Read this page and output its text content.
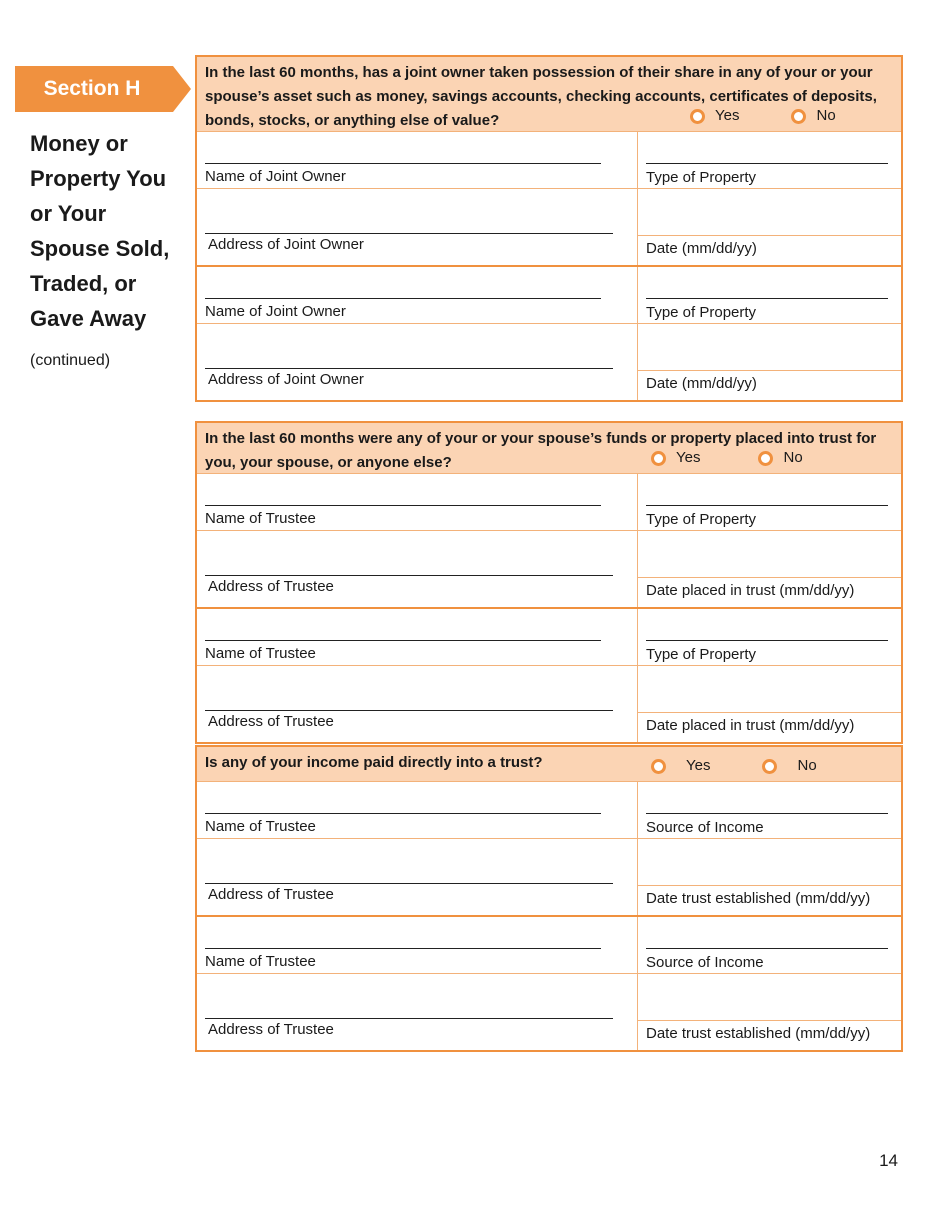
Section H
Money or
Property You
or Your
Spouse Sold,
Traded, or
Gave Away
(continued)
In the last 60 months, has a joint owner taken possession of their share in any of your or your spouse’s asset such as money, savings accounts, checking accounts, certificates of deposits, bonds, stocks, or anything else of value?	Yes	No
Name of Joint Owner	Type of Property
Address of Joint Owner	Date (mm/dd/yy)
Name of Joint Owner	Type of Property
Address of Joint Owner	Date (mm/dd/yy)
In the last 60 months were any of your or your spouse’s funds or property placed into trust for you, your spouse, or anyone else?	Yes	No
Name of Trustee	Type of Property
Address of Trustee	Date placed in trust (mm/dd/yy)
Name of Trustee	Type of Property
Address of Trustee	Date placed in trust (mm/dd/yy)
Is any of your income paid directly into a trust?	Yes	No
Name of Trustee	Source of Income
Address of Trustee	Date trust established (mm/dd/yy)
Name of Trustee	Source of Income
Address of Trustee	Date trust established (mm/dd/yy)
14
